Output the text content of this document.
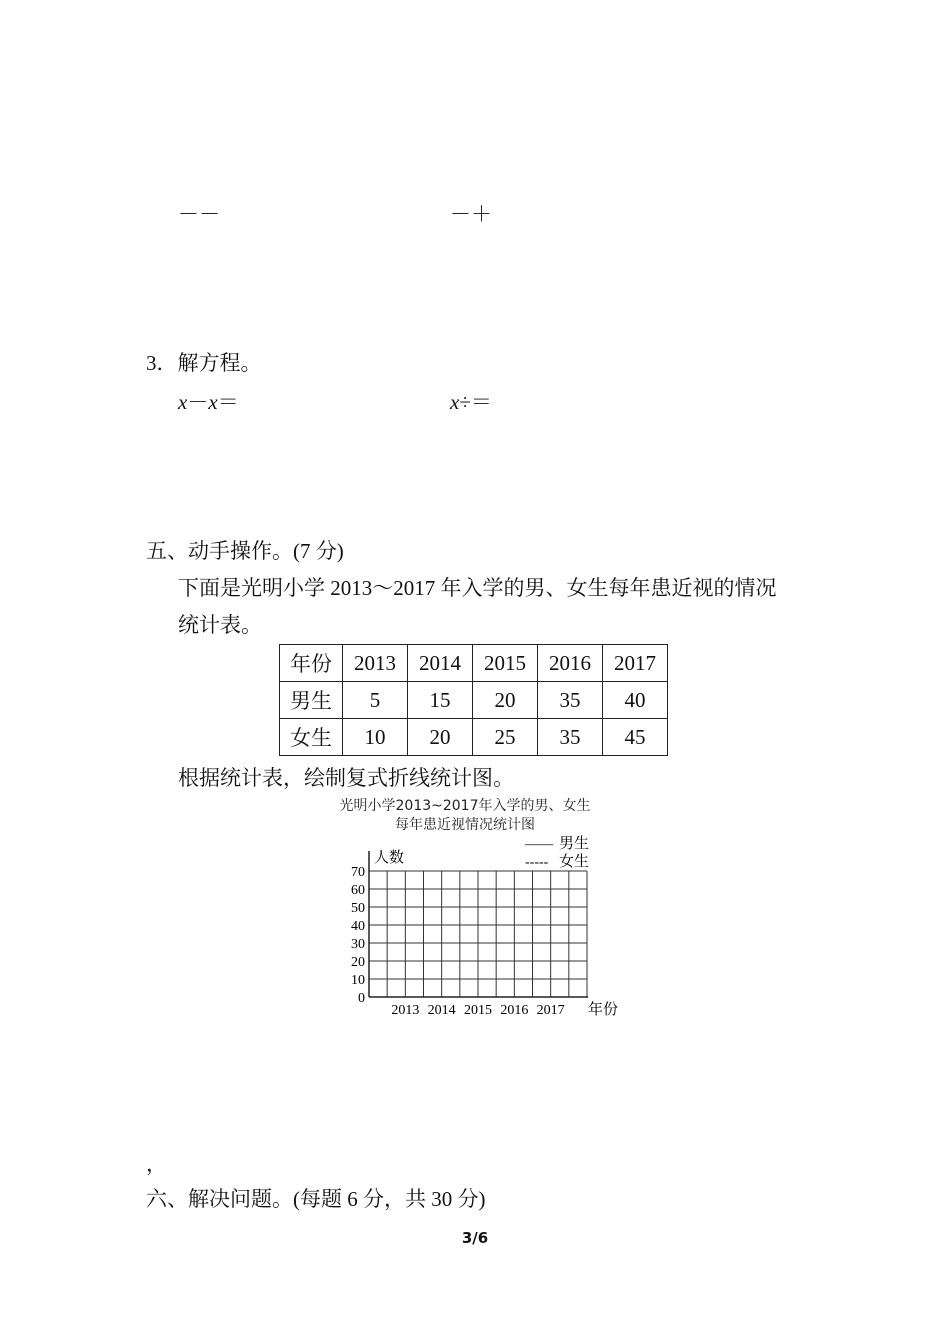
－－	－＋
3．解方程。
x－x＝	x÷＝
五、动手操作。(7 分)
下面是光明小学 2013～2017 年入学的男、女生每年患近视的情况
统计表。
年份	2013	2014	2015	2016	2017
男生	5	15	20	35	40
女生	10	20	25	35	45
根据统计表，绘制复式折线统计图。
光明小学2013~2017年入学的男、女生
每年患近视情况统计图
0
10
20
30
40
50
60
70
2013 2014 2015 2016 2017
人数
年份
—— 男生
----- 女生
，
六、解决问题。(每题 6 分，共 30 分)
3/6
